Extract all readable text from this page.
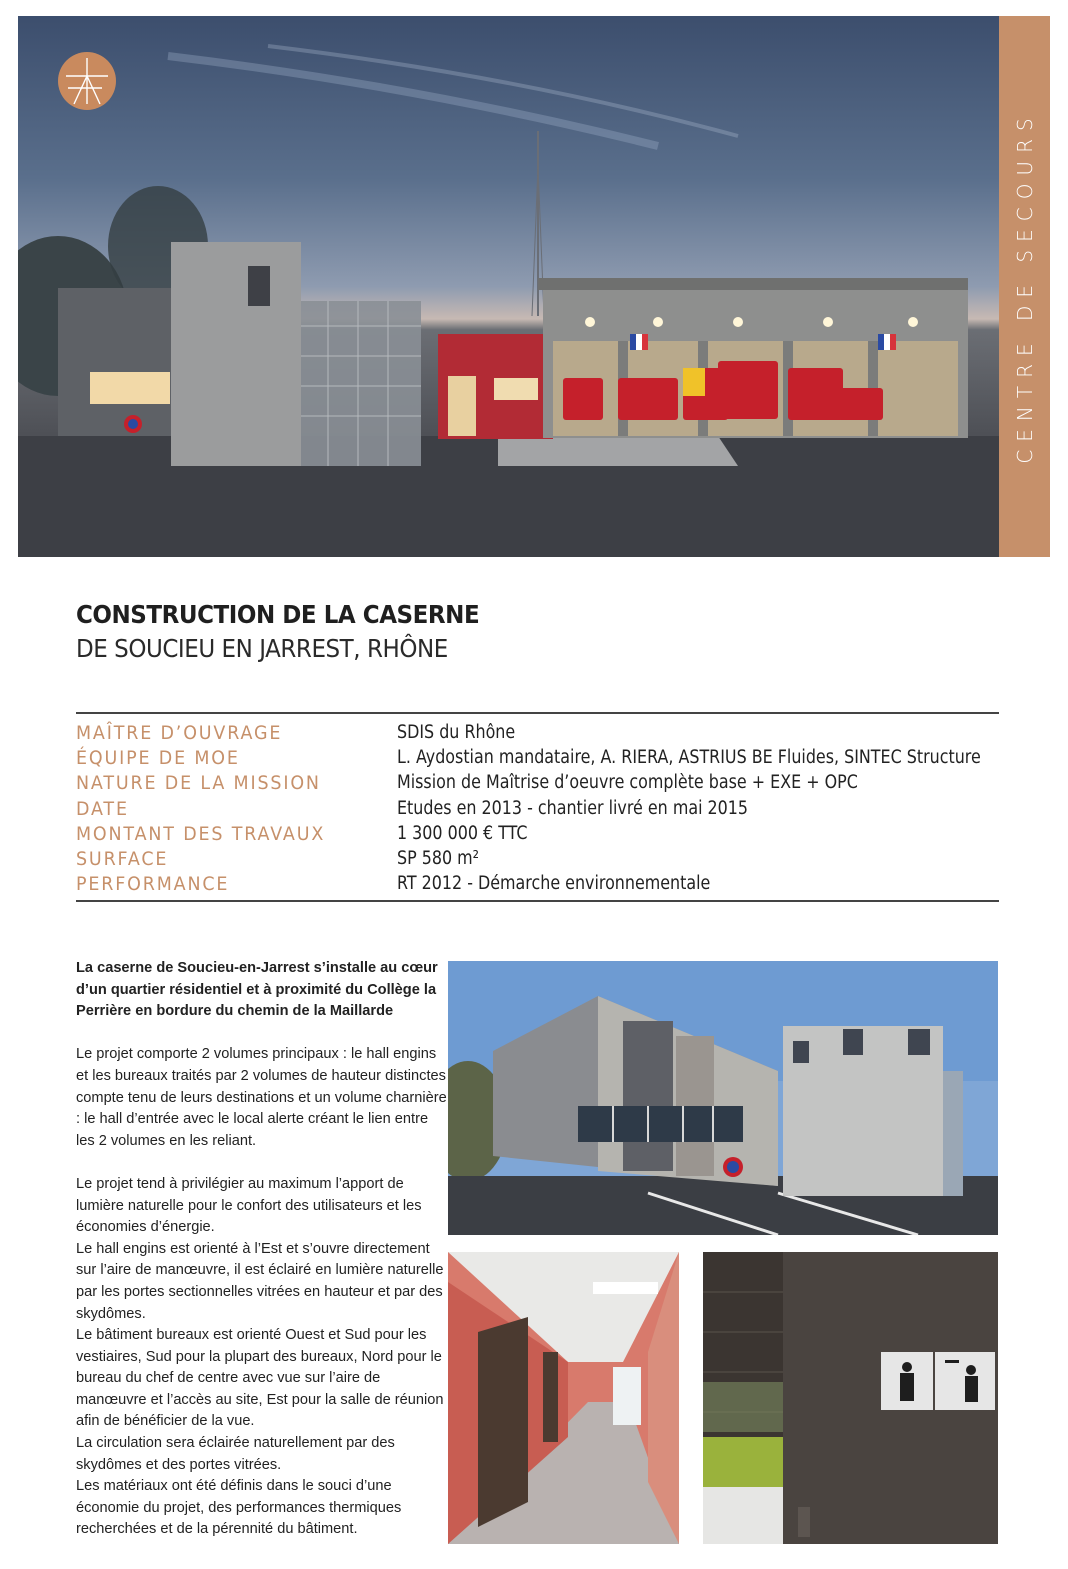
CENTRE DE SECOURS
CONSTRUCTION DE LA CASERNE
DE SOUCIEU EN JARREST, RHÔNE
MAÎTRE D’OUVRAGE	SDIS du Rhône
ÉQUIPE DE MOE	L. Aydostian mandataire, A. RIERA, ASTRIUS BE Fluides, SINTEC Structure
NATURE DE LA MISSION	Mission de Maîtrise d’oeuvre complète base + EXE + OPC
DATE	Etudes en 2013 - chantier livré en mai 2015
MONTANT DES TRAVAUX	1 300 000 € TTC
SURFACE	SP 580 m²
PERFORMANCE	RT 2012 - Démarche environnementale

La caserne de Soucieu-en-Jarrest s’installe au cœur d’un quartier résidentiel et à proximité du Collège la Perrière en bordure du chemin de la Maillarde

Le projet comporte 2 volumes principaux : le hall engins et les bureaux traités par 2 volumes de hauteur distinctes compte tenu de leurs destinations et un volume charnière : le hall d’entrée avec le local alerte créant le lien entre les 2 volumes en les reliant.

Le projet tend à privilégier au maximum l’apport de lumière naturelle pour le confort des utilisateurs et les économies d’énergie.

Le hall engins est orienté à l’Est et s’ouvre directement sur l’aire de manœuvre, il est éclairé en lumière naturelle par les portes sectionnelles vitrées en hauteur et par des skydômes.

Le bâtiment bureaux est orienté Ouest et Sud pour les vestiaires, Sud pour la plupart des bureaux, Nord pour le bureau du chef de centre avec vue sur l’aire de manœuvre et l’accès au site, Est pour la salle de réunion afin de bénéficier de la vue.

La circulation sera éclairée naturellement par des skydômes et des portes vitrées.

Les matériaux ont été définis dans le souci d’une économie du projet, des performances thermiques recherchées et de la pérennité du bâtiment.
